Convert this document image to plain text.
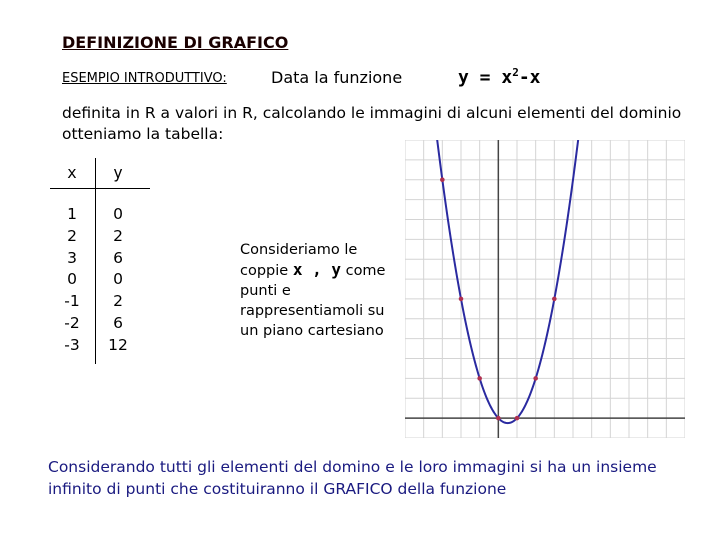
DEFINIZIONE DI GRAFICO
ESEMPIO INTRODUTTIVO:	Data la funzione	$y = x^2-x$
definita in R a valori in R, calcolando le immagini di alcuni elementi del dominio otteniamo la tabella:
x
1
2
3
0
-1
-2
-3
y
0
2
6
0
2
6
12
Consideriamo le coppie x , y come punti e rappresentiamoli su un piano cartesiano
Considerando tutti gli elementi del domino e le loro immagini si ha un insieme infinito di punti che costituiranno il GRAFICO della funzione
